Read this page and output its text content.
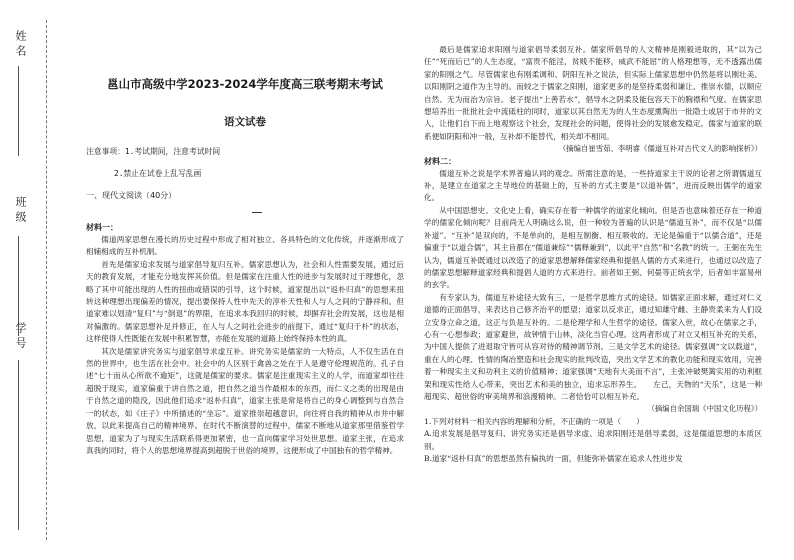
姓名
班级
学号
邕山市高级中学2023-2024学年度高三联考期末考试
语文试卷
注意事项：1.考试期间，注意考试时间
2.禁止在试卷上乱写乱画
一、现代文阅读（40分）
材料一：

儒道两家思想在漫长的历史过程中形成了相对独立、各具特色的文化传统，并逐渐形成了相辅相成的互补机制。

首先是儒家追求发展与道家倡导复归互补。儒家思想认为，社会和人性需要发展，通过后天的教育发展，才能充分地发挥其价值。但是儒家在注重人性的进步与发展时过于理想化，忽略了其中可能出现的人性的扭曲或错误的引导，这个时候，道家提出以“返朴归真”的思想来扭转这种理想出现偏差的情况，提出要保持人性中先天的淳朴天性和人与人之间的宁静祥和。但道家难以划清“复归”与“倒退”的界限，在追求本我回归的时候，却摒弃社会的发展，这也是相对偏激的。儒家思想补足并修正，在人与人之间社会进步的前提下，通过“复归于朴”的状态，这样使得人性既能在发展中积累智慧，亦能在发展的道路上始终保持本性的真。

其次是儒家讲究务实与道家倡导求虚互补。讲究务实是儒家的一大特点，人不仅生活在自然的世界中，也生活在社会中。社会中的人区别于禽兽之处在于人是遵守伦理规范的。孔子自述“七十而从心所欲不逾矩”，这就是儒家的要求。儒家是注重现实主义的人学，而道家却往往超脱于现实，道家偏重于讲自然之道，把自然之道当作最根本的东西，而仁义之类的出现是由于自然之道的隐没，因此他们追求“返朴归真”，道家主张是常是将自己的身心调整到与自然合一的状态，如《庄子》中所描述的“坐忘”。道家推崇超越意识，向往将自我的精神从市井中解放，以此来提高自己的精神境界。在时代不断演替的过程中，儒家不断地从道家那里借鉴哲学思想，道家为了与现实生活联系得更加紧密，也一直向儒家学习处世思想。道家主张，在追求真我的同时，将个人的思想境界提高到超脱于世俗的境界，这便形成了中国独有的哲学精神。

最后是儒家追求阳刚与道家倡导柔弱互补。儒家所倡导的人文精神是刚毅进取的，其“以为己任”“死而后已”的人生态度，“富贵不能淫，贫贱不能移，威武不能屈”的人格理想等，无不透露出儒家的阳刚之气。尽管儒家也有刚柔调和、阴阳互补之说法，但实际上儒家思想中仍然是将以刚壮美、以阳刚阴之道作为主导的。而较之于儒家之阳刚，道家更多的是坚持柔弱和谦让、推崇水德，以顺应自然、无为而治为宗旨。老子提出“上善若水”，倡导水之阴柔及能包容天下的胸襟和气度。在儒家思想培养出一批批社会中流砥柱的同时，道家以其自然无为的人生态度熏陶出一批隐士或居于市井的文人，让他们自下而上地观察这个社会，发现社会的问题，使得社会的发展愈发稳定。儒家与道家的联系便如阴阳和冲一般，互补却不能替代，相关却不相同。

（摘编自崔雪茹、李明睿《儒道互补对古代文人的影响探析》）

材料二：

儒道互补之说是学术界普遍认同的观念。所需注意的是，一些持道家主干说的论者之所谓儒道互补，是建立在道家之主导地位的基础上的，互补的方式主要是“以道补儒”，进而反映出儒学的道家化。

从中国思想史、文化史上看，确实存在着一种儒学的道家化倾向。但是否也意味着还存在一种道学的儒家化倾向呢？目前尚无人明确这么说，但一种较为普遍的认识是“儒道互补”，而不仅是“以儒补道”。“互补”是双向的，不是单向的，是相互制衡、相互吸收的。无论是偏重于“以儒合道”，还是偏重于“以道合儒”，其主旨都在“儒道兼综”“儒释兼到”，以此平“自然”和“名教”的统一。王弼在先生认为，儒道互补既通过以改造了的道家思想解释儒家经典和提倡人儒的方式来进行，也通过以改造了的儒家思想解释道家经典和提倡人道的方式来进行。前者如王弼、何晏等正统玄学，后者如丰富易州的玄学。

有专家认为，儒道互补途径大致有三，一是哲学思维方式的途径。如儒家正面求解，通过对仁义道德的正面倡导，来表达自己修齐治平的愿望；道家以反求正，通过知雄守雌、主静贵柔来为人们设立安身立命之道，这正与负是互补的。二是伦理学和人生哲学的途径。儒家入世，故心在儒家之手，心有一心想参政；道家避世，故钟情于山林，淡化当官心理。这两者形成了对立又相互补充的关系，为中国人提供了进退取守皆可从容对待的精神调节剂。三是文学艺术的途径。儒家强调“文以载道”，重在人的心理、性情的陶冶塑造和社会现实的批判改造，突出文学艺术的教化功能和现实效用，完善着一种现实主义和功利主义的价值精神；道家强调“天地有大美而不言”，主张冲破樊篱实用的功利框架和现实性给人心带来，突出艺术和美的独立，追求忘形养生。　　左己，天物的“天乐”，这是一种超现实、超世俗的审美境界和浪漫精神。二者恰恰可以相互补充。

（摘编自余国瑞《中国文化历程》）

1.下列对材料一相关内容的理解和分析，不正确的一项是（　　）

A.追求发展是倡导复归、讲究务实还是倡导求虚、追求阳刚还是倡导柔弱，这是儒道思想的本质区别。

B.道家“返朴归真”的思想虽然有偏执的一面，但能弥补儒家在追求人性进步发
